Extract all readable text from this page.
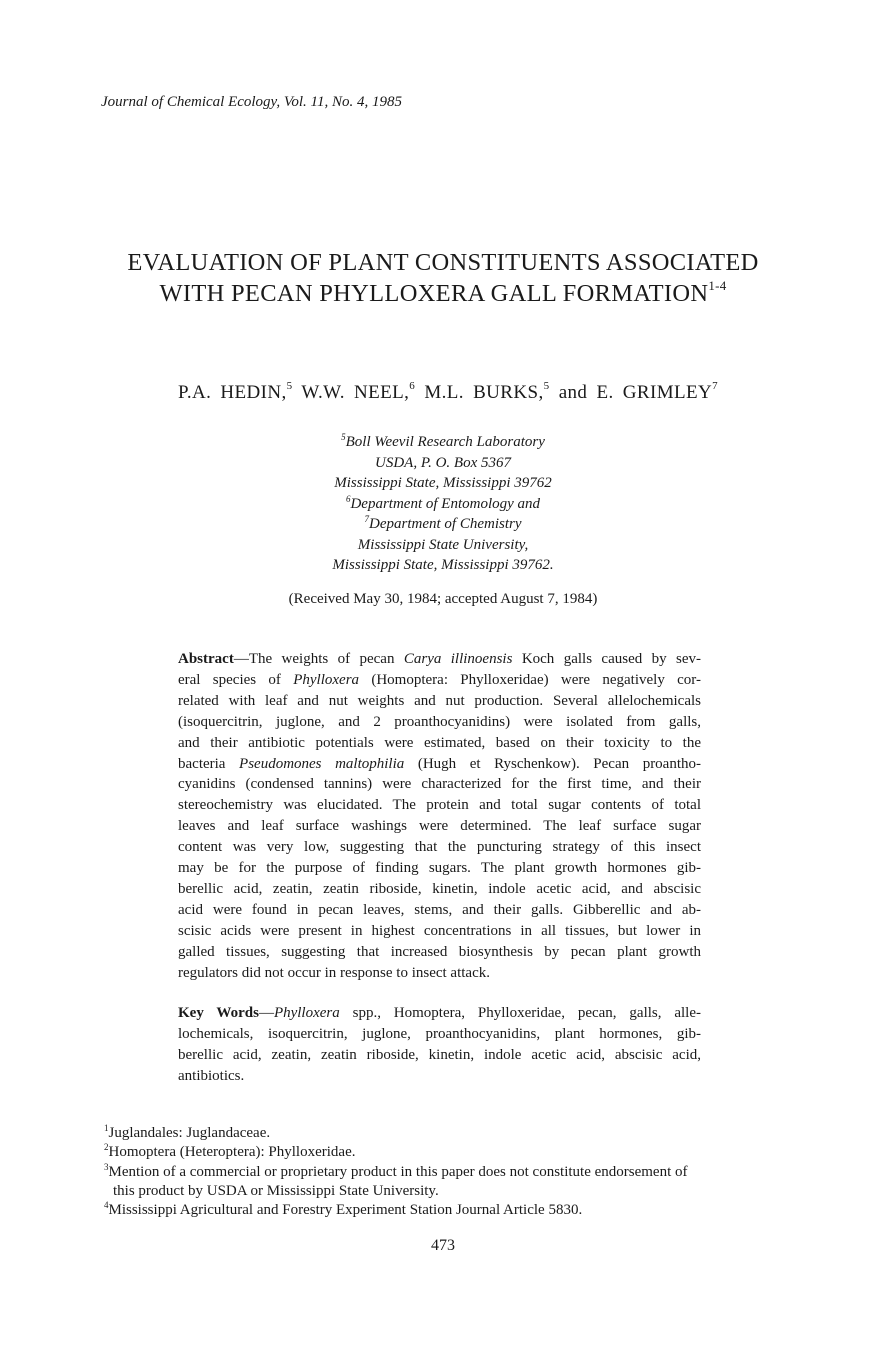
Journal of Chemical Ecology, Vol. 11, No. 4, 1985
EVALUATION OF PLANT CONSTITUENTS ASSOCIATED
WITH PECAN PHYLLOXERA GALL FORMATION$^{1-4}$
P.A. HEDIN,$^5$ W.W. NEEL,$^6$ M.L. BURKS,$^5$ and E. GRIMLEY$^7$
$^5$Boll Weevil Research Laboratory
USDA, P. O. Box 5367
Mississippi State, Mississippi 39762
$^6$Department of Entomology and
$^7$Department of Chemistry
Mississippi State University,
Mississippi State, Mississippi 39762.
(Received May 30, 1984; accepted August 7, 1984)
Abstract—The weights of pecan Carya illinoensis Koch galls caused by sev-
eral species of Phylloxera (Homoptera: Phylloxeridae) were negatively cor-
related with leaf and nut weights and nut production. Several allelochemicals
(isoquercitrin, juglone, and 2 proanthocyanidins) were isolated from galls,
and their antibiotic potentials were estimated, based on their toxicity to the
bacteria Pseudomones maltophilia (Hugh et Ryschenkow). Pecan proantho-
cyanidins (condensed tannins) were characterized for the first time, and their
stereochemistry was elucidated. The protein and total sugar contents of total
leaves and leaf surface washings were determined. The leaf surface sugar
content was very low, suggesting that the puncturing strategy of this insect
may be for the purpose of finding sugars. The plant growth hormones gib-
berellic acid, zeatin, zeatin riboside, kinetin, indole acetic acid, and abscisic
acid were found in pecan leaves, stems, and their galls. Gibberellic and ab-
scisic acids were present in highest concentrations in all tissues, but lower in
galled tissues, suggesting that increased biosynthesis by pecan plant growth
regulators did not occur in response to insect attack.
Key Words—Phylloxera spp., Homoptera, Phylloxeridae, pecan, galls, alle-
lochemicals, isoquercitrin, juglone, proanthocyanidins, plant hormones, gib-
berellic acid, zeatin, zeatin riboside, kinetin, indole acetic acid, abscisic acid,
antibiotics.
$^1$Juglandales: Juglandaceae.
$^2$Homoptera (Heteroptera): Phylloxeridae.
$^3$Mention of a commercial or proprietary product in this paper does not constitute endorsement of
this product by USDA or Mississippi State University.
$^4$Mississippi Agricultural and Forestry Experiment Station Journal Article 5830.
473
